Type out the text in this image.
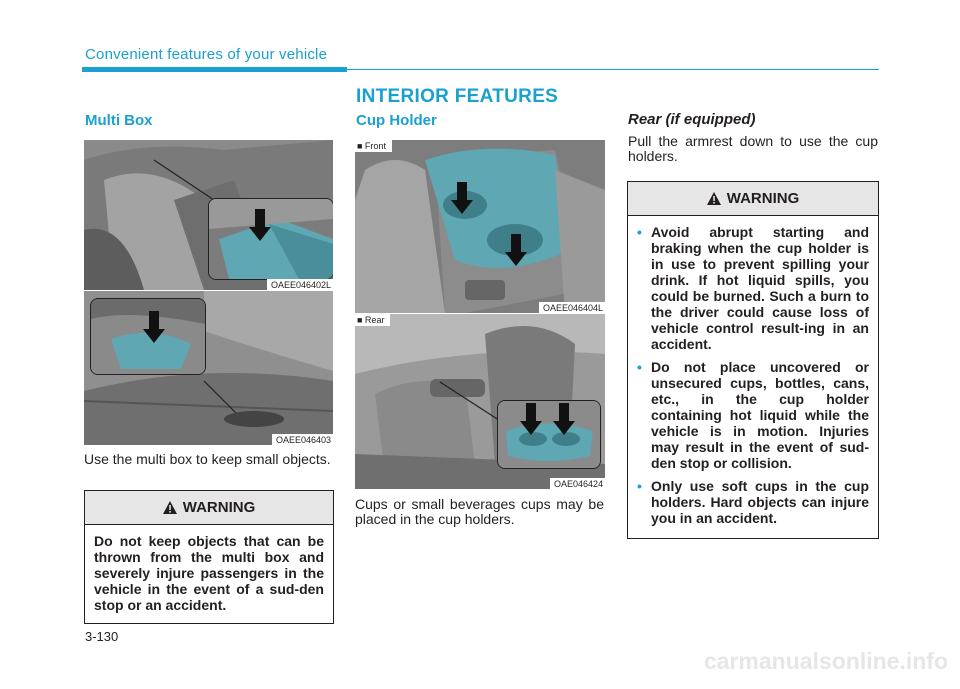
Convenient features of your vehicle
INTERIOR FEATURES
Multi Box
OAEE046402L
OAEE046403

Use the multi box to keep small objects.

WARNING
Do not keep objects that can be thrown from the multi box and severely injure passengers in the vehicle in the event of a sud-den stop or an accident.
Cup Holder
■ Front
OAEE046404L
■ Rear
OAE046424

Cups or small beverages cups may be placed in the cup holders.

Rear (if equipped)

Pull the armrest down to use the cup holders.

WARNING
• Avoid abrupt starting and braking when the cup holder is in use to prevent spilling your drink. If hot liquid spills, you could be burned. Such a burn to the driver could cause loss of vehicle control result-ing in an accident.
• Do not place uncovered or unsecured cups, bottles, cans, etc., in the cup holder containing hot liquid while the vehicle is in motion. Injuries may result in the event of sud-den stop or collision.
• Only use soft cups in the cup holders. Hard objects can injure you in an accident.
3-130
carmanualsonline.info
